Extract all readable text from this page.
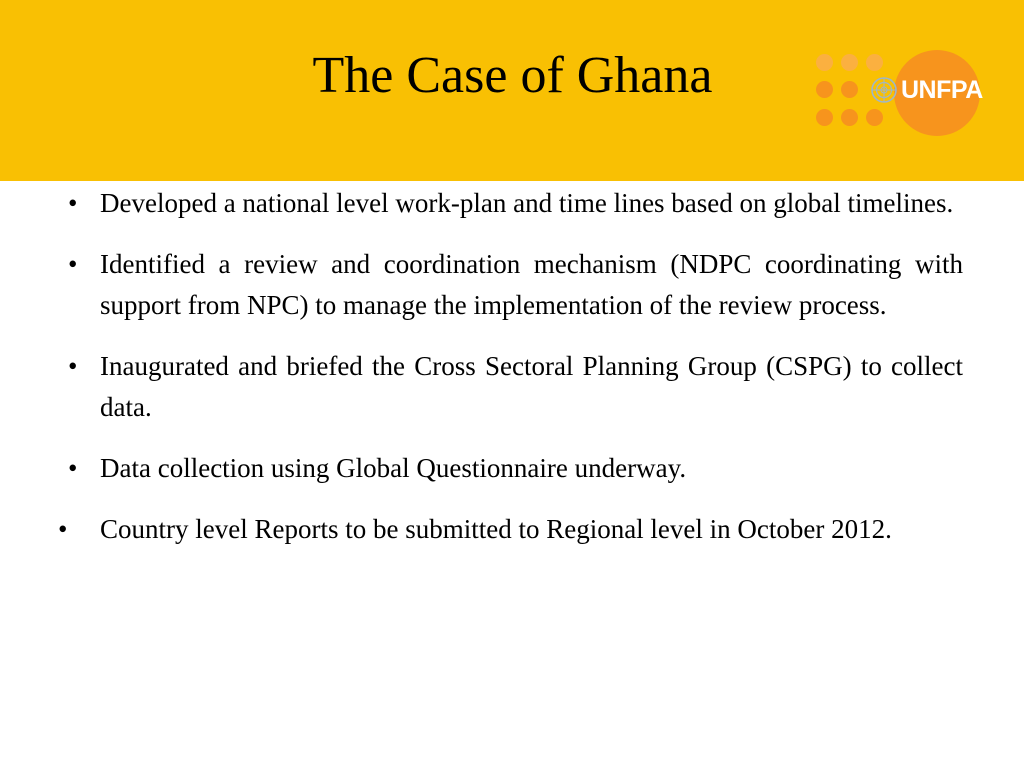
The Case of Ghana	UNFPA
• Developed a national level work-plan and time lines based on global timelines.
• Identified a review and coordination mechanism (NDPC coordinating with support from NPC) to manage the implementation of the review process.
• Inaugurated and briefed the Cross Sectoral Planning Group (CSPG) to collect data.
• Data collection using Global Questionnaire underway.
• Country level Reports to be submitted to Regional level in October 2012.
